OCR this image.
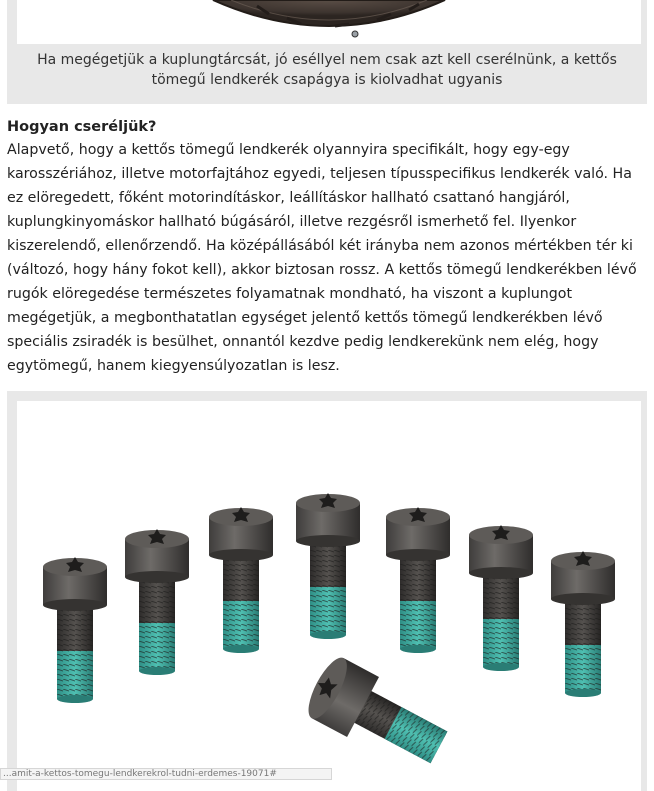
Ha megégetjük a kuplungtárcsát, jó eséllyel nem csak azt kell cserélnünk, a kettős tömegű lendkerék csapágya is kiolvadhat ugyanis
Hogyan cseréljük?

Alapvető, hogy a kettős tömegű lendkerék olyannyira specifikált, hogy egy-egy karosszériához, illetve motorfajtához egyedi, teljesen típusspecifikus lendkerék való. Ha ez elöregedett, főként motorindításkor, leállításkor hallható csattanó hangjáról, kuplungkinyomáskor hallható búgásáról, illetve rezgésről ismerhető fel. Ilyenkor kiszerelendő, ellenőrzendő. Ha középállásából két irányba nem azonos mértékben tér ki (változó, hogy hány fokot kell), akkor biztosan rossz. A kettős tömegű lendkerékben lévő rugók elöregedése természetes folyamatnak mondható, ha viszont a kuplungot megégetjük, a megbonthatatlan egységet jelentő kettős tömegű lendkerékben lévő speciális zsiradék is besülhet, onnantól kezdve pedig lendkerekünk nem elég, hogy egytömegű, hanem kiegyensúlyozatlan is lesz.

...amit-a-kettos-tomegu-lendkerekrol-tudni-erdemes-19071#
